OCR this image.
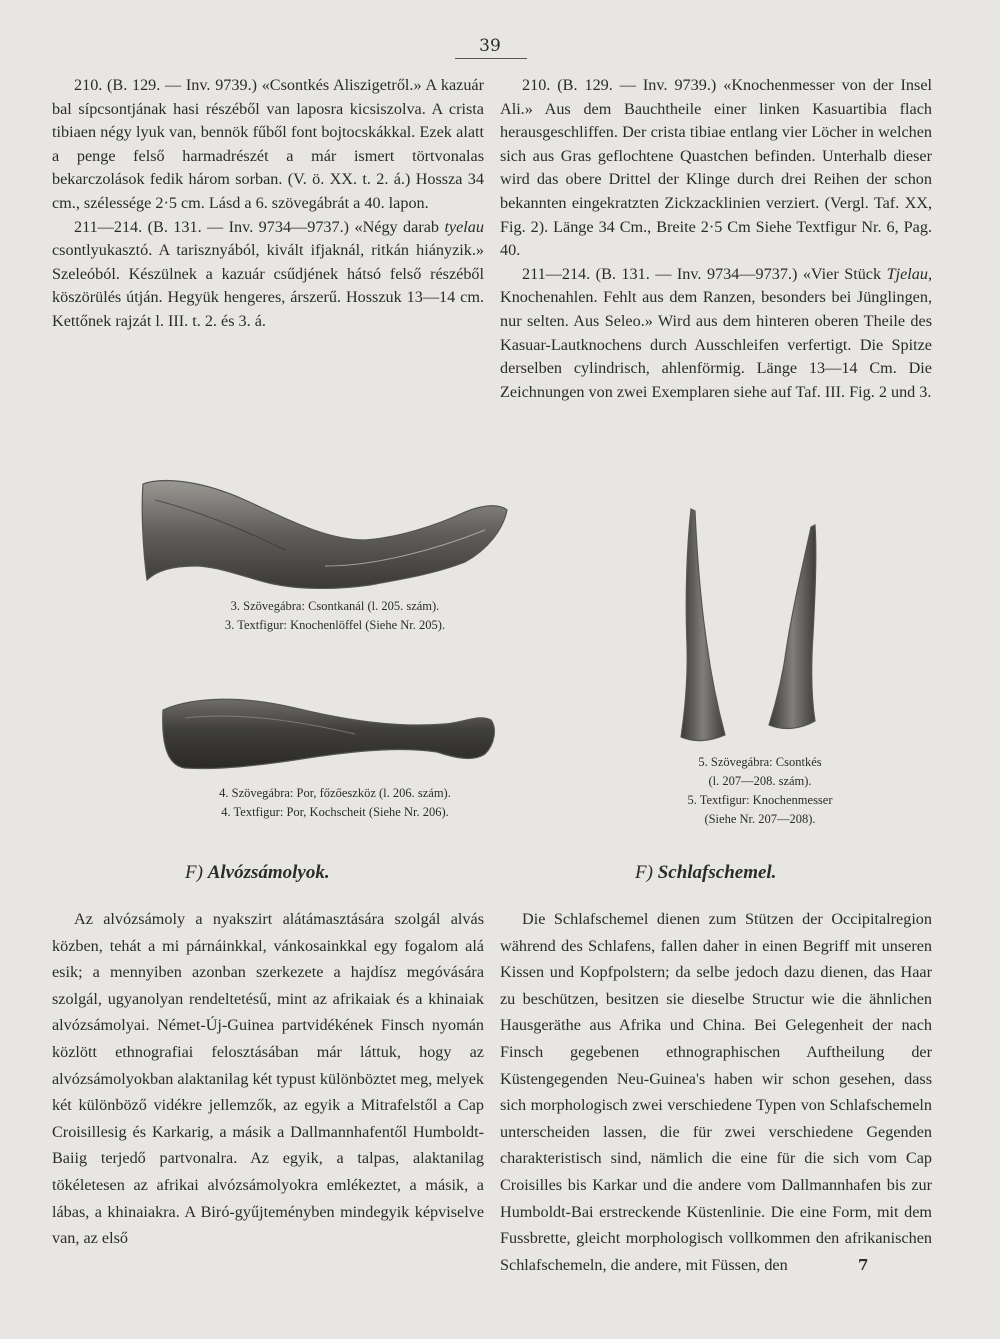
39

210. (B. 129. — Inv. 9739.) «Csontkés Aliszigetről.» A kazuár bal sípcsontjának hasi részéből van laposra kicsiszolva. A crista tibiaen négy lyuk van, bennök fűből font bojtocskákkal. Ezek alatt a penge felső harmadrészét a már ismert törtvonalas bekarczolások fedik három sorban. (V. ö. XX. t. 2. á.) Hossza 34 cm., szélessége 2·5 cm. Lásd a 6. szövegábrát a 40. lapon.

211—214. (B. 131. — Inv. 9734—9737.) «Négy darab tyelau csontlyukasztó. A tarisznyából, kivált ifjaknál, ritkán hiányzik.» Szeleóból. Készülnek a kazuár csűdjének hátsó felső részéből köszörülés útján. Hegyük hengeres, árszerű. Hosszuk 13—14 cm. Kettőnek rajzát l. III. t. 2. és 3. á.

210. (B. 129. — Inv. 9739.) «Knochenmesser von der Insel Ali.» Aus dem Bauchtheile einer linken Kasuartibia flach herausgeschliffen. Der crista tibiae entlang vier Löcher in welchen sich aus Gras geflochtene Quastchen befinden. Unterhalb dieser wird das obere Drittel der Klinge durch drei Reihen der schon bekannten eingekratzten Zickzacklinien verziert. (Vergl. Taf. XX, Fig. 2). Länge 34 Cm., Breite 2·5 Cm Siehe Textfigur Nr. 6, Pag. 40.

211—214. (B. 131. — Inv. 9734—9737.) «Vier Stück Tjelau, Knochenahlen. Fehlt aus dem Ranzen, besonders bei Jünglingen, nur selten. Aus Seleo.» Wird aus dem hinteren oberen Theile des Kasuar-Lautknochens durch Ausschleifen verfertigt. Die Spitze derselben cylindrisch, ahlenförmig. Länge 13—14 Cm. Die Zeichnungen von zwei Exemplaren siehe auf Taf. III. Fig. 2 und 3.

3. Szövegábra: Csontkanál (l. 205. szám).
3. Textfigur: Knochenlöffel (Siehe Nr. 205).
4. Szövegábra: Por, főzőeszköz (l. 206. szám).
4. Textfigur: Por, Kochscheit (Siehe Nr. 206).
5. Szövegábra: Csontkés
(l. 207—208. szám).
5. Textfigur: Knochenmesser
(Siehe Nr. 207—208).
F) Alvózsámolyok.	F) Schlafschemel.

Az alvózsámoly a nyakszirt alátámasztására szolgál alvás közben, tehát a mi párnáinkkal, vánkosainkkal egy fogalom alá esik; a mennyiben azonban szerkezete a hajdísz megóvására szolgál, ugyanolyan rendeltetésű, mint az afrikaiak és a khinaiak alvózsámolyai. Német-Új-Guinea partvidékének Finsch nyomán közlött ethnografiai felosztásában már láttuk, hogy az alvózsámolyokban alaktanilag két typust különböztet meg, melyek két különböző vidékre jellemzők, az egyik a Mitrafelstől a Cap Croisillesig és Karkarig, a másik a Dallmannhafentől Humboldt-Baiig terjedő partvonalra. Az egyik, a talpas, alaktanilag tökéletesen az afrikai alvózsámolyokra emlékeztet, a másik, a lábas, a khinaiakra. A Biró-gyűjteményben mindegyik képviselve van, az első

Die Schlafschemel dienen zum Stützen der Occipitalregion während des Schlafens, fallen daher in einen Begriff mit unseren Kissen und Kopfpolstern; da selbe jedoch dazu dienen, das Haar zu beschützen, besitzen sie dieselbe Structur wie die ähnlichen Hausgeräthe aus Afrika und China. Bei Gelegenheit der nach Finsch gegebenen ethnographischen Auftheilung der Küstengegenden Neu-Guinea's haben wir schon gesehen, dass sich morphologisch zwei verschiedene Typen von Schlafschemeln unterscheiden lassen, die für zwei verschiedene Gegenden charakteristisch sind, nämlich die eine für die sich vom Cap Croisilles bis Karkar und die andere vom Dallmannhafen bis zur Humboldt-Bai erstreckende Küstenlinie. Die eine Form, mit dem Fussbrette, gleicht morphologisch vollkommen den afrikanischen Schlafschemeln, die andere, mit Füssen, den	7
